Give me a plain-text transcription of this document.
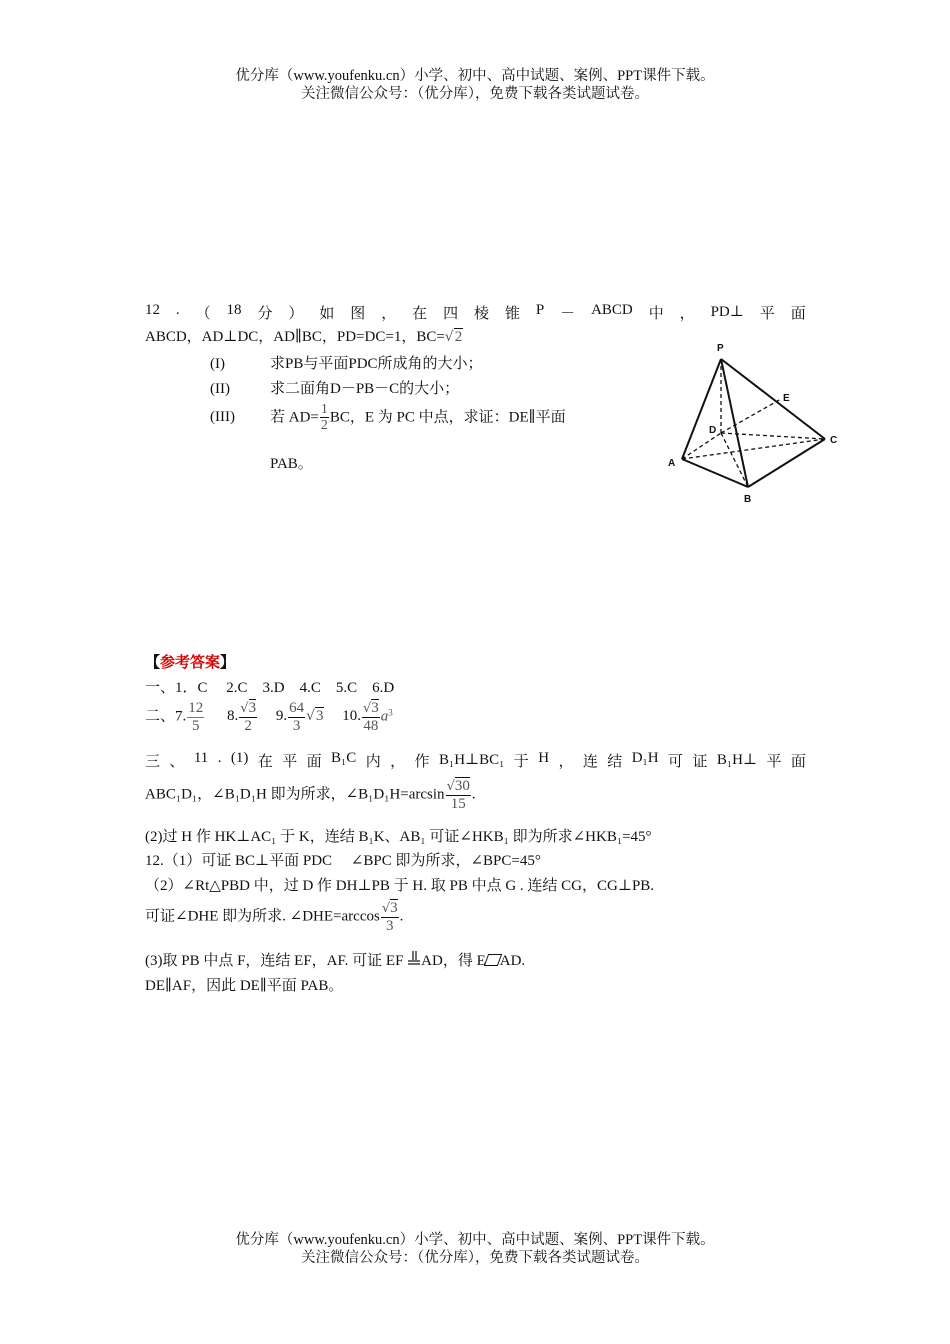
优分库（www.youfenku.cn）小学、初中、高中试题、案例、PPT课件下载。
关注微信公众号：（优分库），免费下载各类试题试卷。
12 . （ 18 分 ） 如 图 ， 在 四 棱 锥 P － ABCD 中 ， PD⊥ 平 面
ABCD，AD⊥DC，AD∥BC，PD=DC=1，BC=√2
(I)	求PB与平面PDC所成角的大小；
(II)	求二面角D－PB－C的大小；
(III) 若 $AD= \frac{1}{2}$ BC，E 为 PC 中点，求证：DE∥平面
PAB。
P
E
D
A
C
B
【参考答案】
一、1．C　 2.C　3.D　4.C　5.C　6.D
二、7. $\frac{12}{5} 8$. $\frac{√3}{2} 9$. $\frac{64}{3} √3$ 10. $\frac{√3}{48} a^3$
三 、 11 . (1) 在 平 面 B₁C 内 ， 作 B₁H⊥BC₁ 于 H ， 连 结 D₁H 可 证 B₁H⊥ 平 面
ABC₁D₁，∠B₁D₁H 即为所求，∠B₁D₁H=arcsin $\frac{√30}{15}$ .
(2)过 H 作 HK⊥AC₁ 于 K，连结 B₁K、AB₁ 可证∠HKB₁ 即为所求∠HKB₁=45°
12.（1）可证 BC⊥平面 PDC　 ∠BPC 即为所求，∠BPC=45°
（2）∠Rt△PBD 中，过 D 作 DH⊥PB 于 H. 取 PB 中点 G . 连结 CG，CG⊥PB.
可证∠DHE 即为所求. ∠DHE=arccos $\frac{√3}{3}$ .
(3)取 PB 中点 F，连结 EF，AF. 可证 EF AD，得 E AD.
DE∥AF，因此 DE∥平面 PAB。
优分库（www.youfenku.cn）小学、初中、高中试题、案例、PPT课件下载。
关注微信公众号：（优分库），免费下载各类试题试卷。
